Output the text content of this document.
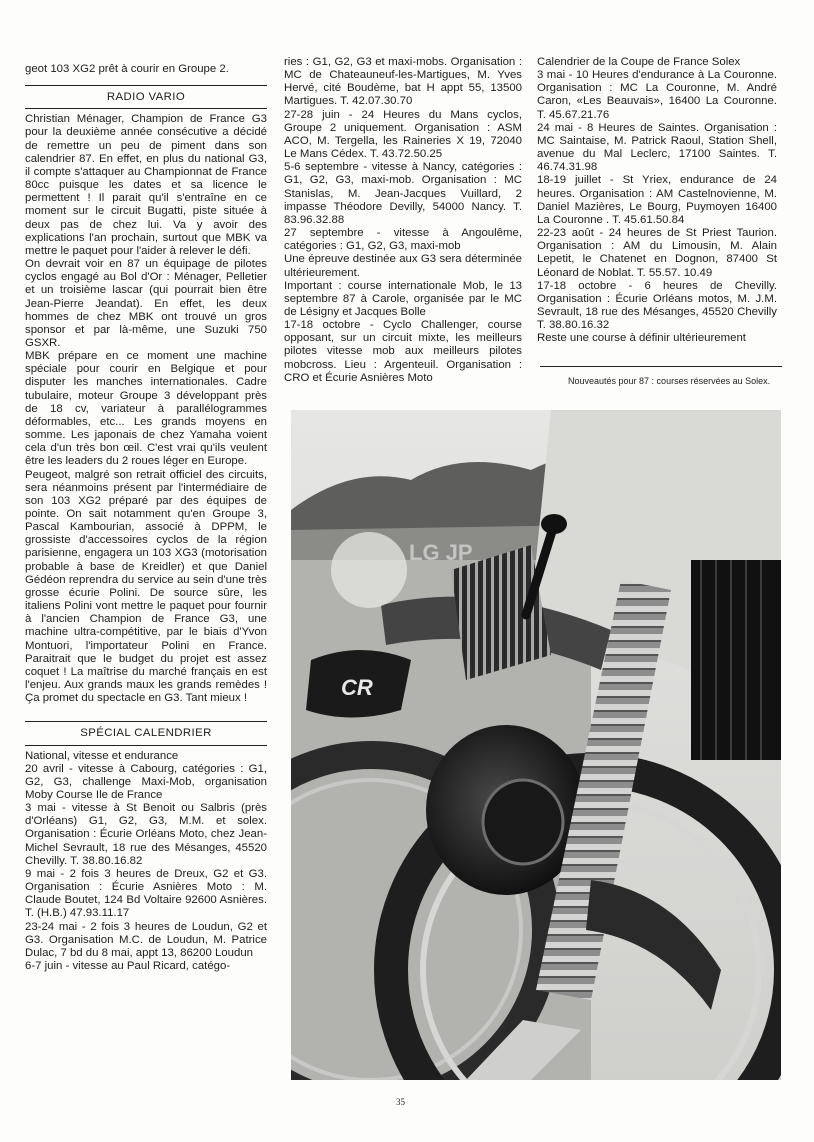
geot 103 XG2 prêt à courir en Groupe 2.

RADIO VARIO

Christian Ménager, Champion de France G3 pour la deuxième année consécutive a décidé de remettre un peu de piment dans son calendrier 87. En effet, en plus du national G3, il compte s'attaquer au Championnat de France 80cc puisque les dates et sa licence le permettent ! Il parait qu'il s'entraîne en ce moment sur le circuit Bugatti, piste située à deux pas de chez lui. Va y avoir des explications l'an prochain, surtout que MBK va mettre le paquet pour l'aider à relever le défi.

On devrait voir en 87 un équipage de pilotes cyclos engagé au Bol d'Or : Ménager, Pelletier et un troisième lascar (qui pourrait bien être Jean-Pierre Jeandat). En effet, les deux hommes de chez MBK ont trouvé un gros sponsor et par là-même, une Suzuki 750 GSXR.

MBK prépare en ce moment une machine spéciale pour courir en Belgique et pour disputer les manches internationales. Cadre tubulaire, moteur Groupe 3 développant près de 18 cv, variateur à parallélogrammes déformables, etc... Les grands moyens en somme. Les japonais de chez Yamaha voient cela d'un très bon œil. C'est vrai qu'ils veulent être les leaders du 2 roues léger en Europe.

Peugeot, malgré son retrait officiel des circuits, sera néanmoins présent par l'intermédiaire de son 103 XG2 préparé par des équipes de pointe. On sait notamment qu'en Groupe 3, Pascal Kambourian, associé à DPPM, le grossiste d'accessoires cyclos de la région parisienne, engagera un 103 XG3 (motorisation probable à base de Kreidler) et que Daniel Gédéon reprendra du service au sein d'une très grosse écurie Polini. De source sûre, les italiens Polini vont mettre le paquet pour fournir à l'ancien Champion de France G3, une machine ultra-compétitive, par le biais d'Yvon Montuori, l'importateur Polini en France. Paraitrait que le budget du projet est assez coquet ! La maîtrise du marché français en est l'enjeu. Aux grands maux les grands remèdes ! Ça promet du spectacle en G3. Tant mieux !

SPÉCIAL CALENDRIER

National, vitesse et endurance

20 avril - vitesse à Cabourg, catégories : G1, G2, G3, challenge Maxi-Mob, organisation Moby Course Ile de France

3 mai - vitesse à St Benoit ou Salbris (près d'Orléans) G1, G2, G3, M.M. et solex. Organisation : Écurie Orléans Moto, chez Jean-Michel Sevrault, 18 rue des Mésanges, 45520 Chevilly. T. 38.80.16.82

9 mai - 2 fois 3 heures de Dreux, G2 et G3. Organisation : Écurie Asnières Moto : M. Claude Boutet, 124 Bd Voltaire 92600 Asnières. T. (H.B.) 47.93.11.17

23-24 mai - 2 fois 3 heures de Loudun, G2 et G3. Organisation M.C. de Loudun, M. Patrice Dulac, 7 bd du 8 mai, appt 13, 86200 Loudun

6-7 juin - vitesse au Paul Ricard, catégo-

ries : G1, G2, G3 et maxi-mobs. Organisation : MC de Chateauneuf-les-Martigues, M. Yves Hervé, cité Boudème, bat H appt 55, 13500 Martigues. T. 42.07.30.70

27-28 juin - 24 Heures du Mans cyclos, Groupe 2 uniquement. Organisation : ASM ACO, M. Tergella, les Raineries X 19, 72040 Le Mans Cédex. T. 43.72.50.25

5-6 septembre - vitesse à Nancy, catégories : G1, G2, G3, maxi-mob. Organisation : MC Stanislas, M. Jean-Jacques Vuillard, 2 impasse Théodore Devilly, 54000 Nancy. T. 83.96.32.88

27 septembre - vitesse à Angoulême, catégories : G1, G2, G3, maxi-mob

Une épreuve destinée aux G3 sera déterminée ultérieurement.

Important : course internationale Mob, le 13 septembre 87 à Carole, organisée par le MC de Lésigny et Jacques Bolle

17-18 octobre - Cyclo Challenger, course opposant, sur un circuit mixte, les meilleurs pilotes vitesse mob aux meilleurs pilotes mobcross. Lieu : Argenteuil. Organisation : CRO et Écurie Asnières Moto

Calendrier de la Coupe de France Solex

3 mai - 10 Heures d'endurance à La Couronne. Organisation : MC La Couronne, M. André Caron, «Les Beauvais», 16400 La Couronne. T. 45.67.21.76

24 mai - 8 Heures de Saintes. Organisation : MC Saintaise, M. Patrick Raoul, Station Shell, avenue du Mal Leclerc, 17100 Saintes. T. 46.74.31.98

18-19 juillet - St Yriex, endurance de 24 heures. Organisation : AM Castelnovienne, M. Daniel Mazières, Le Bourg, Puymoyen 16400 La Couronne . T. 45.61.50.84

22-23 août - 24 heures de St Priest Taurion. Organisation : AM du Limousin, M. Alain Lepetit, le Chatenet en Dognon, 87400 St Léonard de Noblat. T. 55.57. 10.49

17-18 octobre - 6 heures de Chevilly. Organisation : Écurie Orléans motos, M. J.M. Sevrault, 18 rue des Mésanges, 45520 Chevilly T. 38.80.16.32

Reste une course à définir ultérieurement

Nouveautés pour 87 : courses réservées au Solex.
CR
LG JP
35
